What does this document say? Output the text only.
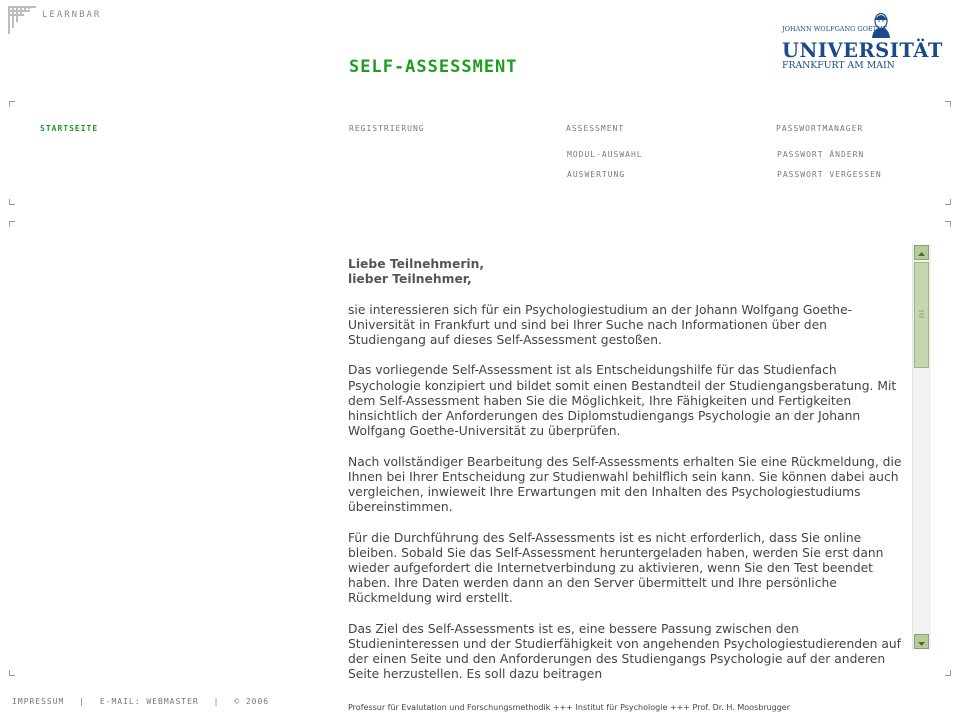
LEARNBAR
SELF-ASSESSMENT
JOHANN WOLFGANG GOETHE
UNIVERSITÄT
FRANKFURT AM MAIN
STARTSEITE	REGISTRIERUNG	ASSESSMENT
MODUL-AUSWAHL
AUSWERTUNG
PASSWORTMANAGER
PASSWORT ÄNDERN
PASSWORT VERGESSEN
Liebe Teilnehmerin,
lieber Teilnehmer,

sie interessieren sich für ein Psychologiestudium an der Johann Wolfgang Goethe-Universität in Frankfurt und sind bei Ihrer Suche nach Informationen über den Studiengang auf dieses Self-Assessment gestoßen.

Das vorliegende Self-Assessment ist als Entscheidungshilfe für das Studienfach Psychologie konzipiert und bildet somit einen Bestandteil der Studiengangsberatung. Mit dem Self-Assessment haben Sie die Möglichkeit, Ihre Fähigkeiten und Fertigkeiten hinsichtlich der Anforderungen des Diplomstudiengangs Psychologie an der Johann Wolfgang Goethe-Universität zu überprüfen.

Nach vollständiger Bearbeitung des Self-Assessments erhalten Sie eine Rückmeldung, die Ihnen bei Ihrer Entscheidung zur Studienwahl behilflich sein kann. Sie können dabei auch vergleichen, inwieweit Ihre Erwartungen mit den Inhalten des Psychologiestudiums übereinstimmen.

Für die Durchführung des Self-Assessments ist es nicht erforderlich, dass Sie online bleiben. Sobald Sie das Self-Assessment heruntergeladen haben, werden Sie erst dann wieder aufgefordert die Internetverbindung zu aktivieren, wenn Sie den Test beendet haben. Ihre Daten werden dann an den Server übermittelt und Ihre persönliche Rückmeldung wird erstellt.

Das Ziel des Self-Assessments ist es, eine bessere Passung zwischen den Studieninteressen und der Studierfähigkeit von angehenden Psychologiestudierenden auf der einen Seite und den Anforderungen des Studiengangs Psychologie auf der anderen Seite herzustellen. Es soll dazu beitragen

IMPRESSUM | E-MAIL: WEBMASTER | © 2006
Professur für Evalutation und Forschungsmethodik +++ Institut für Psychologie +++ Prof. Dr. H. Moosbrugger
